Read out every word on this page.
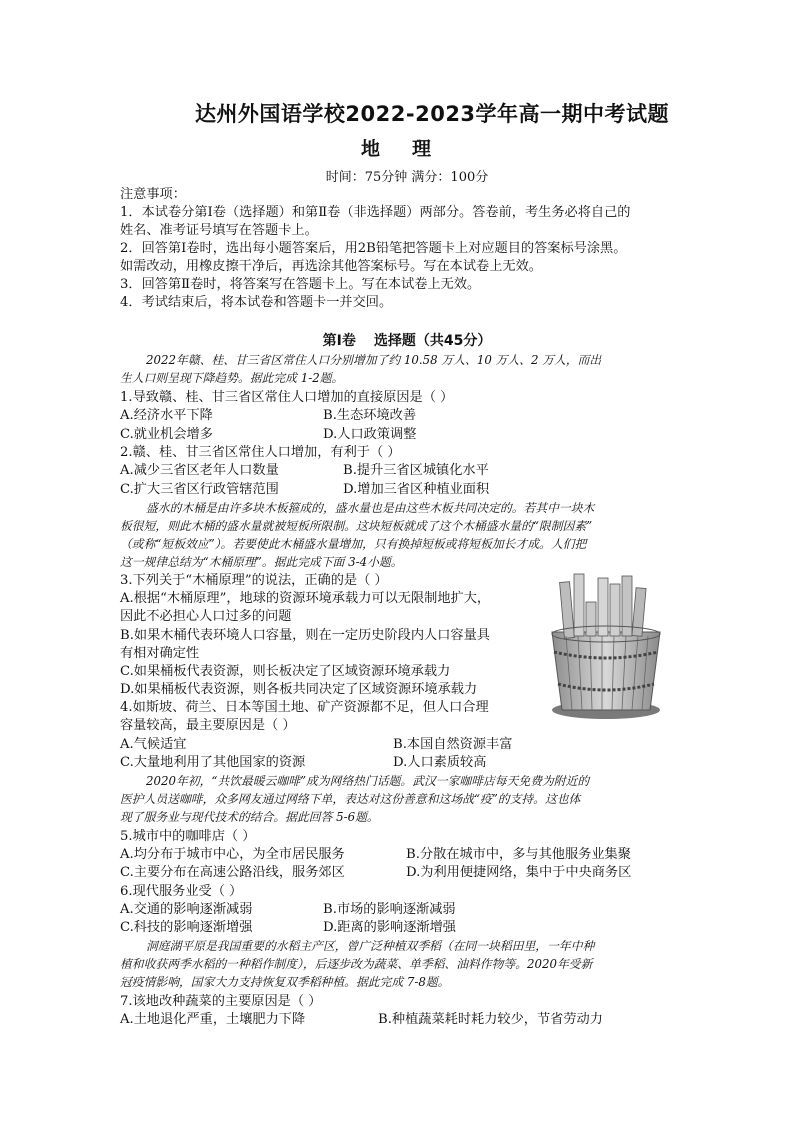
达州外国语学校2022-2023学年高一期中考试题
地理
时间：75分钟 满分：100分
注意事项：
1．本试卷分第Ⅰ卷（选择题）和第Ⅱ卷（非选择题）两部分。答卷前，考生务必将自己的
姓名、准考证号填写在答题卡上。
2．回答第Ⅰ卷时，选出每小题答案后，用2B铅笔把答题卡上对应题目的答案标号涂黑。
如需改动，用橡皮擦干净后，再选涂其他答案标号。写在本试卷上无效。
3．回答第Ⅱ卷时，将答案写在答题卡上。写在本试卷上无效。
4．考试结束后，将本试卷和答题卡一并交回。
第Ⅰ卷 选择题（共45分）
2022年赣、桂、甘三省区常住人口分别增加了约 10.58 万人、10 万人、2 万人，而出
生人口则呈现下降趋势。据此完成 1-2题。
1.导致赣、桂、甘三省区常住人口增加的直接原因是（ ）
A.经济水平下降	B.生态环境改善
C.就业机会增多	D.人口政策调整
2.赣、桂、甘三省区常住人口增加，有利于（ ）
A.减少三省区老年人口数量	B.提升三省区城镇化水平
C.扩大三省区行政管辖范围	D.增加三省区种植业面积
盛水的木桶是由许多块木板箍成的，盛水量也是由这些木板共同决定的。若其中一块木
板很短，则此木桶的盛水量就被短板所限制。这块短板就成了这个木桶盛水量的“限制因素”
（或称“短板效应”）。若要使此木桶盛水量增加，只有换掉短板或将短板加长才成。人们把
这一规律总结为“木桶原理”。据此完成下面 3-4小题。
3.下列关于“木桶原理”的说法，正确的是（ ）
A.根据“木桶原理”，地球的资源环境承载力可以无限制地扩大，
因此不必担心人口过多的问题
B.如果木桶代表环境人口容量，则在一定历史阶段内人口容量具
有相对确定性
C.如果桶板代表资源，则长板决定了区域资源环境承载力
D.如果桶板代表资源，则各板共同决定了区域资源环境承载力
4.如斯坡、荷兰、日本等国土地、矿产资源都不足，但人口合理
容量较高，最主要原因是（ ）
A.气候适宜	B.本国自然资源丰富
C.大量地利用了其他国家的资源	D.人口素质较高
2020年初，“共饮最暖云咖啡”成为网络热门话题。武汉一家咖啡店每天免费为附近的
医护人员送咖啡，众多网友通过网络下单，表达对这份善意和这场战“疫”的支持。这也体
现了服务业与现代技术的结合。据此回答 5-6题。
5.城市中的咖啡店（ ）
A.均分布于城市中心，为全市居民服务	B.分散在城市中，多与其他服务业集聚
C.主要分布在高速公路沿线，服务郊区	D.为利用便捷网络，集中于中央商务区
6.现代服务业受（ ）
A.交通的影响逐渐减弱	B.市场的影响逐渐减弱
C.科技的影响逐渐增强	D.距离的影响逐渐增强
洞庭湖平原是我国重要的水稻主产区，曾广泛种植双季稻（在同一块稻田里，一年中种
植和收获两季水稻的一种稻作制度），后逐步改为蔬菜、单季稻、油料作物等。2020年受新
冠疫情影响，国家大力支持恢复双季稻种植。据此完成 7-8题。
7.该地改种蔬菜的主要原因是（ ）
A.土地退化严重，土壤肥力下降	B.种植蔬菜耗时耗力较少，节省劳动力
